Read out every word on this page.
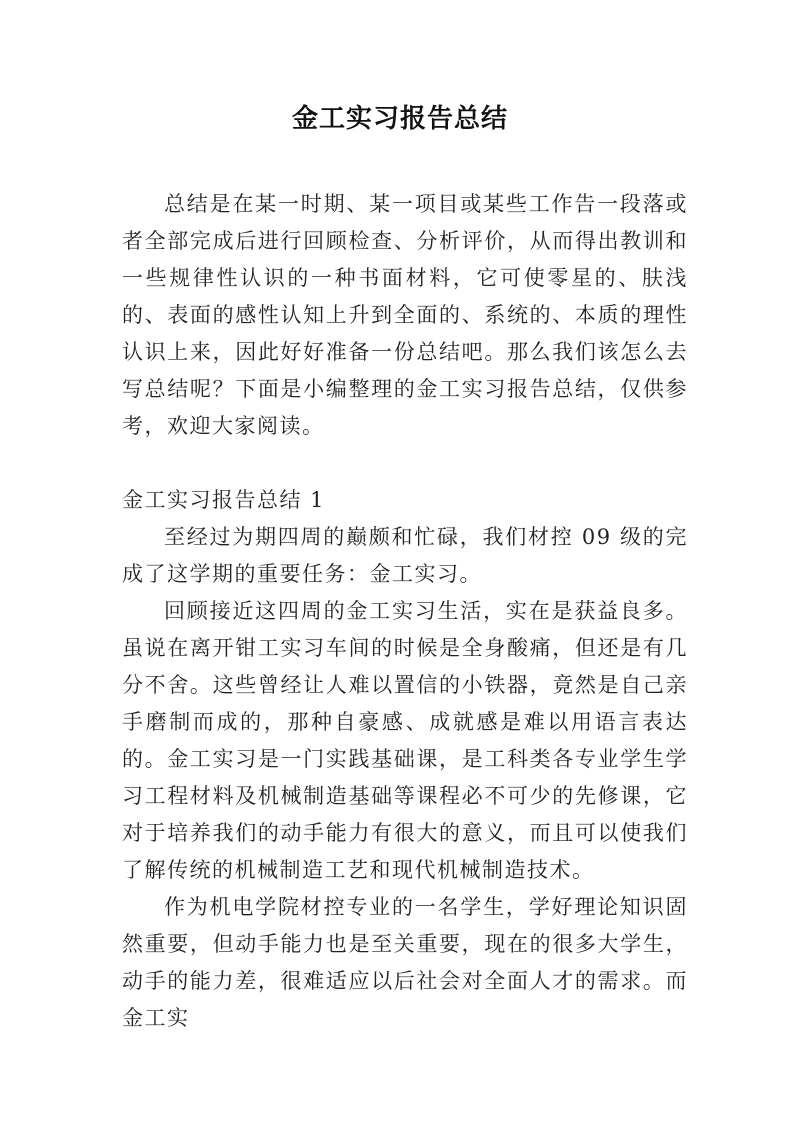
金工实习报告总结

总结是在某一时期、某一项目或某些工作告一段落或者全部完成后进行回顾检查、分析评价，从而得出教训和一些规律性认识的一种书面材料，它可使零星的、肤浅的、表面的感性认知上升到全面的、系统的、本质的理性认识上来，因此好好准备一份总结吧。那么我们该怎么去写总结呢？下面是小编整理的金工实习报告总结，仅供参考，欢迎大家阅读。

金工实习报告总结 1

至经过为期四周的巅颇和忙碌，我们材控 09 级的完成了这学期的重要任务：金工实习。

回顾接近这四周的金工实习生活，实在是获益良多。虽说在离开钳工实习车间的时候是全身酸痛，但还是有几分不舍。这些曾经让人难以置信的小铁器，竟然是自己亲手磨制而成的，那种自豪感、成就感是难以用语言表达的。金工实习是一门实践基础课，是工科类各专业学生学习工程材料及机械制造基础等课程必不可少的先修课，它对于培养我们的动手能力有很大的意义，而且可以使我们了解传统的机械制造工艺和现代机械制造技术。

作为机电学院材控专业的一名学生，学好理论知识固然重要，但动手能力也是至关重要，现在的很多大学生，动手的能力差，很难适应以后社会对全面人才的需求。而金工实
